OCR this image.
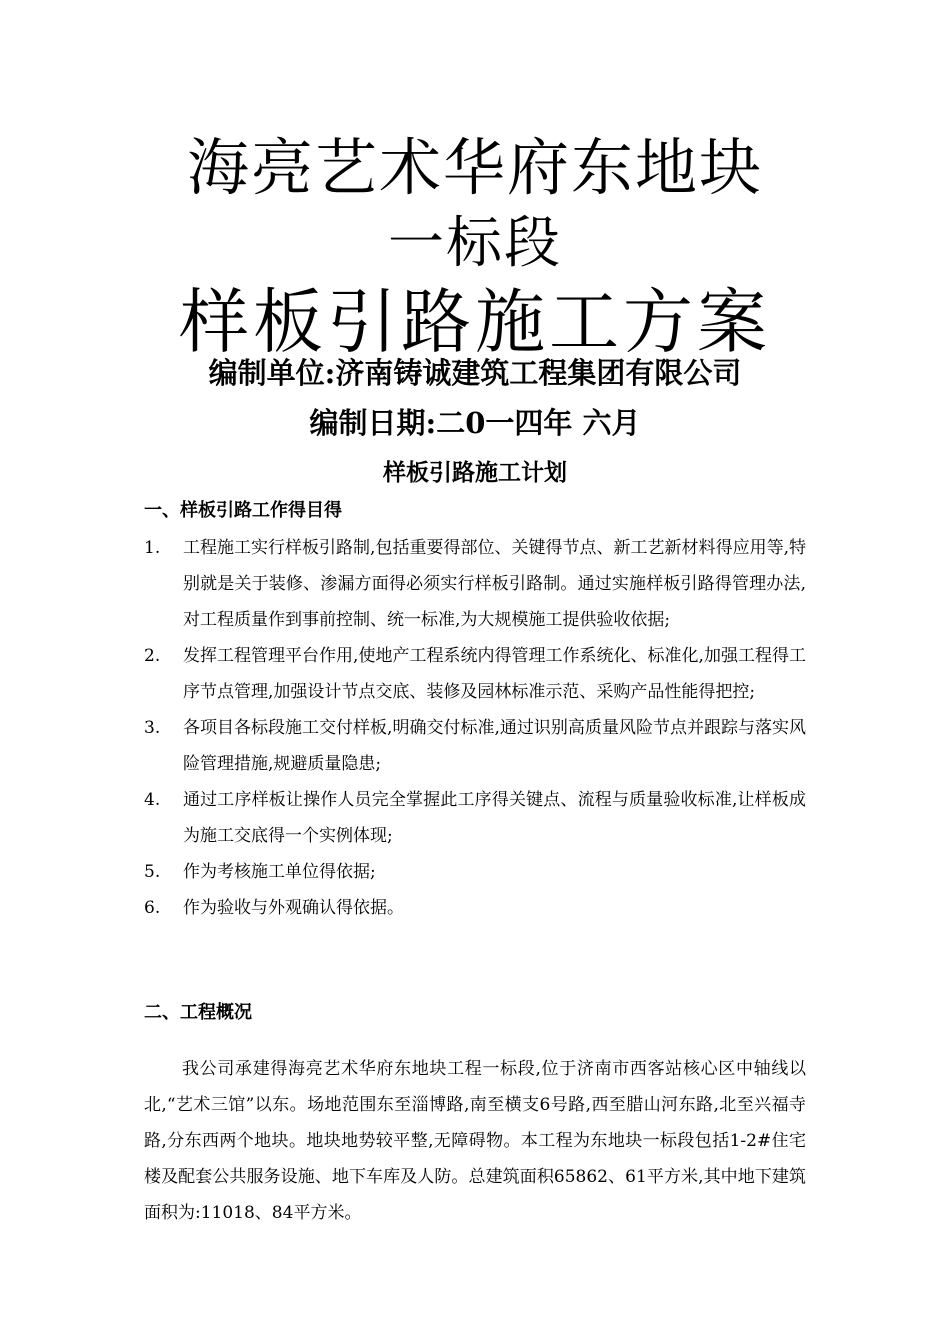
海亮艺术华府东地块
一标段
样板引路施工方案
编制单位:济南铸诚建筑工程集团有限公司
编制日期:二0一四年 六月
样板引路施工计划
一、样板引路工作得目得
1. 工程施工实行样板引路制,包括重要得部位、关键得节点、新工艺新材料得应用等,特别就是关于装修、渗漏方面得必须实行样板引路制。通过实施样板引路得管理办法,对工程质量作到事前控制、统一标准,为大规模施工提供验收依据;
2. 发挥工程管理平台作用,使地产工程系统内得管理工作系统化、标准化,加强工程得工序节点管理,加强设计节点交底、装修及园林标准示范、采购产品性能得把控;
3. 各项目各标段施工交付样板,明确交付标准,通过识别高质量风险节点并跟踪与落实风险管理措施,规避质量隐患;
4. 通过工序样板让操作人员完全掌握此工序得关键点、流程与质量验收标准,让样板成为施工交底得一个实例体现;
5. 作为考核施工单位得依据;
6. 作为验收与外观确认得依据。
二、工程概况

我公司承建得海亮艺术华府东地块工程一标段,位于济南市西客站核心区中轴线以北,“艺术三馆”以东。场地范围东至淄博路,南至横支6号路,西至腊山河东路,北至兴福寺路,分东西两个地块。地块地势较平整,无障碍物。本工程为东地块一标段包括1-2#住宅楼及配套公共服务设施、地下车库及人防。总建筑面积65862、61平方米,其中地下建筑面积为:11018、84平方米。
